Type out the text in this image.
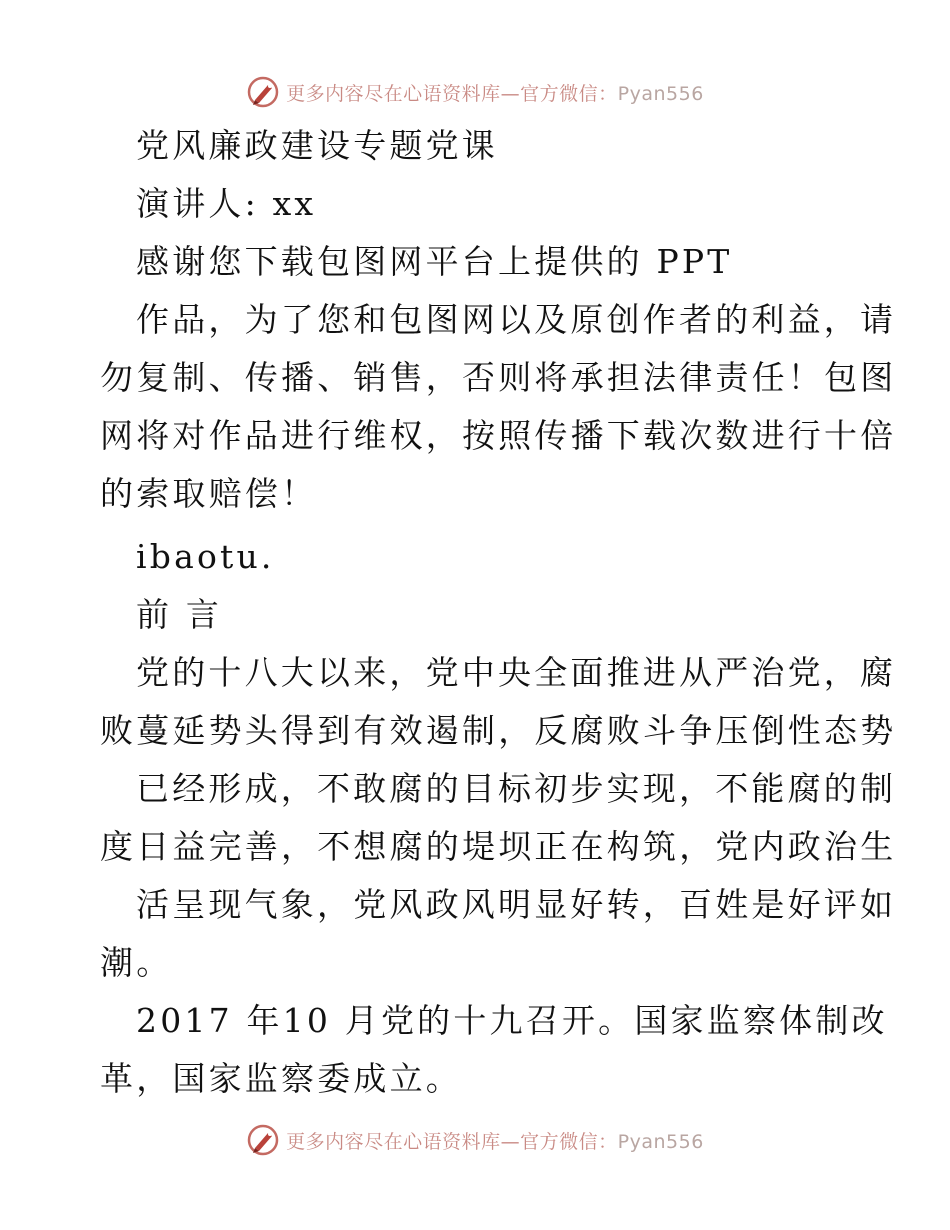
更多内容尽在心语资料库—官方微信：Pyan556
党风廉政建设专题党课
演讲人: xx
感谢您下载包图网平台上提供的 PPT
作品，为了您和包图网以及原创作者的利益，请
勿复制、传播、销售，否则将承担法律责任！包图
网将对作品进行维权，按照传播下载次数进行十倍
的索取赔偿！
ibaotu.
前 言
党的十八大以来，党中央全面推进从严治党，腐
败蔓延势头得到有效遏制，反腐败斗争压倒性态势
已经形成，不敢腐的目标初步实现，不能腐的制
度日益完善，不想腐的堤坝正在构筑，党内政治生
活呈现气象，党风政风明显好转，百姓是好评如
潮。
2017 年10 月党的十九召开。国家监察体制改
革，国家监察委成立。
更多内容尽在心语资料库—官方微信：Pyan556
